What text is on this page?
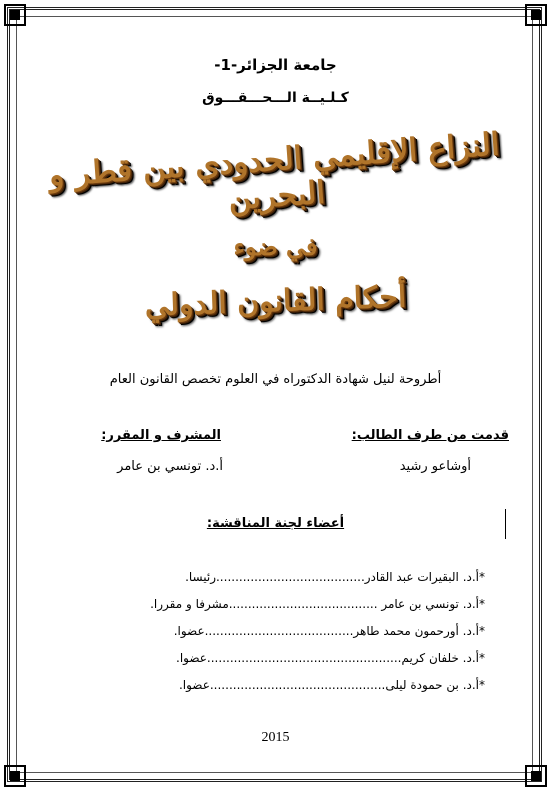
جامعة الجزائر-1-
كـلـيــة الـــحـــقـــوق
النزاع الإقليمي الحدودي بين قطر و البحرين
في ضوء
أحكام القانون الدولي
أطروحة لنيل شهادة الدكتوراه في العلوم تخصص القانون العام
قدمت من طرف الطالب:
المشرف و المقرر:
أوشاعو رشيد
أ.د. تونسي بن عامر
أعضاء لجنة المناقشة:
*أ.د. البقيرات عبد القادر.......................................رئيسا.
*أ.د. تونسي بن عامر .......................................مشرفا و مقررا.
*أ.د. أورحمون محمد طاهر.......................................عضوا.
*أ.د. خلفان كريم...................................................عضوا.
*أ.د. بن حمودة ليلى..............................................عضوا.
2015
